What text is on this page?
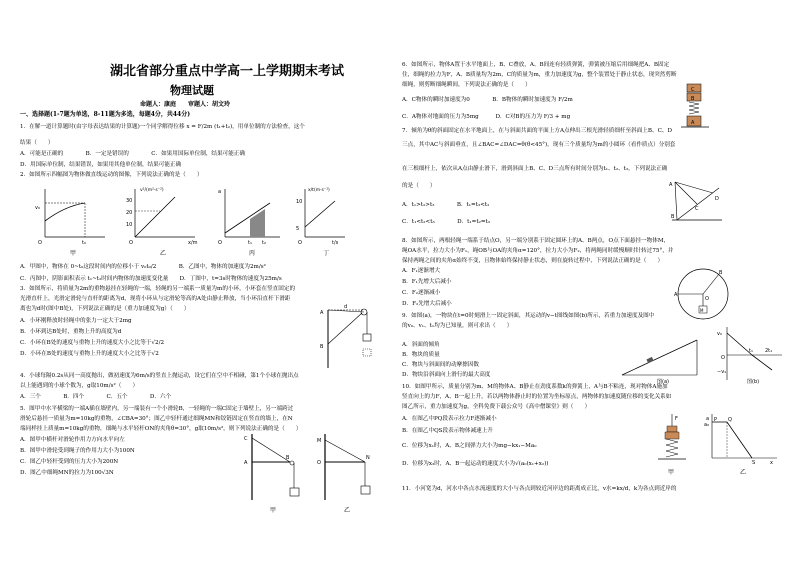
湖北省部分重点中学高一上学期期末考试
物理试题
命题人：康庭　　审题人：胡文玲
一、选择题(1-7题为单选，8-11题为多选，每题4分，共44分)
1．在解一道计算题时(由字母表达结果的计算题)一个同学解得位移 x = F/2m (t₁+t₂)，用单位制的方法检查，这个
结果（　　）
A．可能是正确的　　　　B．一定是错误的　　　　C．如果用国际单位制，结果可能正确
D．用国际单位制，结果错误，如果用其他单位制，结果可能正确
2．如图所示四幅图为物体做直线运动的图像，下列说法正确的是（　　）
v₀
O	t₀
甲
v²/(m²·s⁻²)
30
20
10
O	x/m
乙
a
O	t₁ t₂
丙
x/t(m·s⁻¹)
5
10
O	t/s
丁
A．甲图中，物体在 0~t₀这段时间内的位移小于 v₀t₀/2　　　　B．乙图中，物体的加速度为2m/s²
C．丙图中，阴影面积表示 t₁~t₂时间内物体的加速度变化量　　D．丁图中，t=3s时物体的速度为25m/s
3．如图所示，将质量为2m的重物悬挂在轻绳的一端，轻绳的另一端系一质量为m的小环，小环套在竖直固定的
光滑直杆上，光滑定滑轮与直杆的距离为d，现将小环从与定滑轮等高的A处由静止释放，当小环沿直杆下滑距
离也为d时(图中B处)，下列说法正确的是（重力加速度为g）（　　）
A．小环刚释放时轻绳中的张力一定大于2mg
B．小环到达B处时，重物上升的高度为d
C．小环在B处的速度与重物上升的速度大小之比等于√2/2
D．小环在B处的速度与重物上升的速度大小之比等于√2
A
B
d
4．小球每隔0.2s从同一高度抛出，做初速度为6m/s的竖直上抛运动，设它们在空中不相碰，第1个小球在抛出点
以上能遇到的小球个数为，g取10m/s²（　　）
A．三个　　　　B．四个　　　　C．五个　　　　D．六个
5．图甲中水平横梁的一端A插在墙壁内，另一端装有一个小滑轮B，一轻绳的一端C固定于墙壁上，另一端跨过
滑轮后悬挂一质量为m=10kg的重物，∠CBA=30°；图乙中轻杆通过细绳MN和铰链固定在竖直的墙上，在N
端同样挂上质量m=10kg的重物，细绳与水平轻杆ON的夹角θ=30°，g取10m/s²，则下列说法正确的是（　　）
A．图甲中横杆对滑轮作用力方向水平向左
B．图甲中滑轮受到绳子的作用力大小为100N
C．图乙中轻杆受到的压力大小为200N
D．图乙中细绳MN的拉力为100√3N
C
A
B
甲
M
O
N
乙
6．如图所示，物体A置于水平地面上，B、C叠放，A、B间连有轻质弹簧，弹簧被压缩后用细绳把A、B固定
住，细绳的拉力为F，A、B质量均为2m，C的质量为m，重力加速度为g，整个装置处于静止状态，现突然剪断
细绳，则剪断细绳瞬间，下列说法正确的是（　　）
A．C物体的瞬时加速度为0　　　　B．B物体的瞬时加速度为 F/2m
C．A物体对地面的压力为5mg　　　D．C对B的压力为 F/3 + mg
C
B
A
7．倾角为θ的斜面固定在水平地面上，在与斜面共面的平面上方A点伸出三根光滑轻质细杆至斜面上B、C、D
三点，其中AC与斜面垂直，且∠BAC=∠DAC=θ(θ<45°)，现有三个质量均为m的小圆环（看作质点）分别套
在三根细杆上，依次从A点由静止滑下，滑到斜面上B、C、D三点所有时间分别为t₁、t₂、t₃，下列说法正确
的是（　　）
A．t₁>t₂>t₃　　　　B．t₁=t₃<t₂
C．t₁<t₂<t₃　　　　D．t₁=t₂=t₃
A
B
C
D
8．如图所示，两根轻绳一端系于结点O，另一端分别系于固定圆环上的A、B两点，O点下面悬挂一物体M，
绳OA水平，拉力大小为F₁，绳OB与OA的夹角α=120°，拉力大小为F₂，将两绳同时缓慢顺时针转过75°，并
保持两绳之间的夹角α始终不变，且物体始终保持静止状态，则在旋转过程中，下列说法正确的是（　　）
A．F₁逐渐增大
B．F₁先增大后减小
C．F₂逐渐减小
D．F₂先增大后减小
A
B
O
M
9．如图(a)，一物块在t=0时刻滑上一固定斜面，其运动的v−t图线如图(b)所示，若重力加速度及图中
的v₀、v₁、t₁均为已知量，则可求出（　　）
A．斜面的倾角
B．物块的质量
C．物块与斜面间的动摩擦因数
D．物块沿斜面向上滑行的最大高度
图(a)
v₀
O
t₁ 2t₁
−v₁
图(b)
10．如图甲所示，质量分别为m、M的物体A、B静止在劲度系数k的弹簧上，A与B不粘连，现对物体A施加
竖直向上的力F，A、B一起上升，若以两物体静止时的位置为坐标原点，两物体的加速度随位移的变化关系如
图乙所示，重力加速度为g，全科免费下载公众号《高中僧课堂》则（　　）
A．在图乙中PQ段表示拉力F逐渐减小
B．在图乙中QS段表示物体减速上升
C．位移为x₁时，A、B之间弹力大小为mg−kx₁−Ma₀
D．位移为x₃时，A、B一起运动的速度大小为√(a₀(x₁+x₂))
F
甲
a
a₀
P Q
S	x
乙
11．小河宽为d，河水中各点水流速度的大小与各点到较近河岸边的距离成正比，v水=kx/d，k为各点到近岸的
